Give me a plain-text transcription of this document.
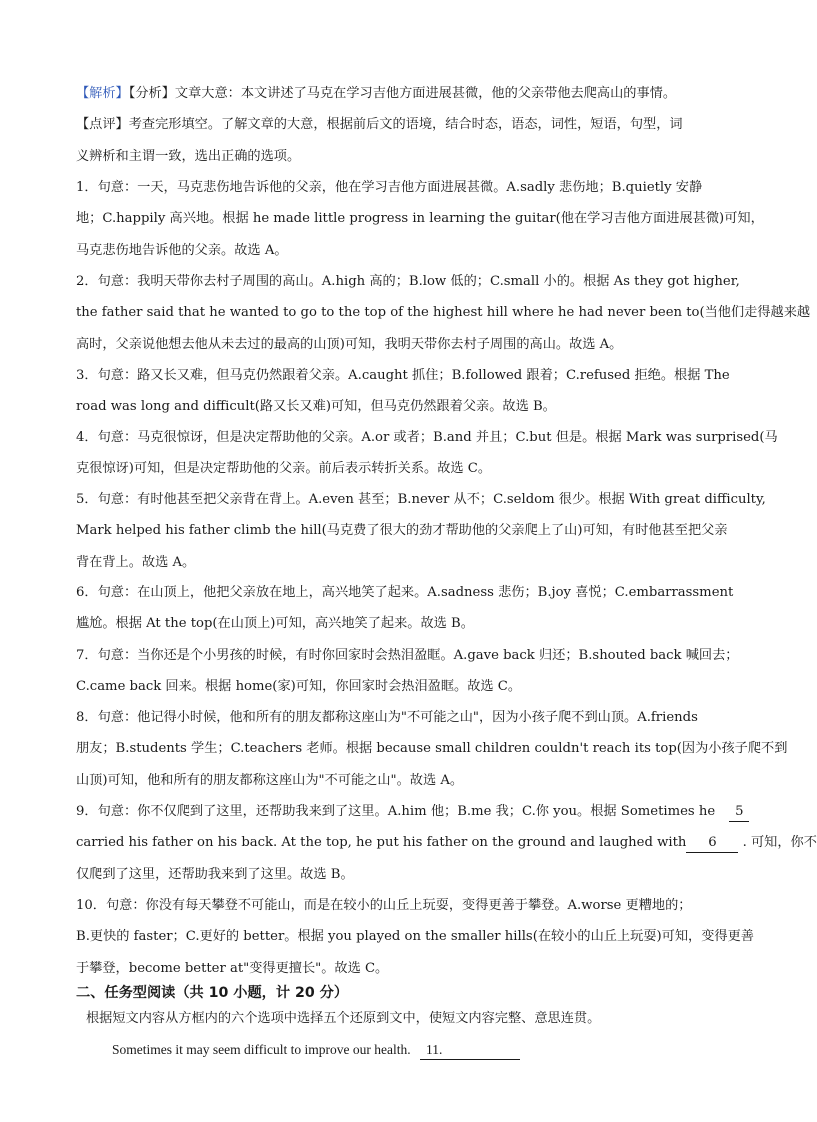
【解析】【分析】文章大意：本文讲述了马克在学习吉他方面进展甚微，他的父亲带他去爬高山的事情。
【点评】考查完形填空。了解文章的大意，根据前后文的语境，结合时态，语态，词性，短语，句型，词
义辨析和主谓一致，选出正确的选项。
1．句意：一天，马克悲伤地告诉他的父亲，他在学习吉他方面进展甚微。A.sadly 悲伤地；B.quietly 安静
地；C.happily 高兴地。根据 he made little progress in learning the guitar(他在学习吉他方面进展甚微)可知，
马克悲伤地告诉他的父亲。故选 A。
2．句意：我明天带你去村子周围的高山。A.high 高的；B.low 低的；C.small 小的。根据 As they got higher,
the father said that he wanted to go to the top of the highest hill where he had never been to(当他们走得越来越
高时，父亲说他想去他从未去过的最高的山顶)可知，我明天带你去村子周围的高山。故选 A。
3．句意：路又长又难，但马克仍然跟着父亲。A.caught 抓住；B.followed 跟着；C.refused 拒绝。根据 The
road was long and difficult(路又长又难)可知，但马克仍然跟着父亲。故选 B。
4．句意：马克很惊讶，但是决定帮助他的父亲。A.or 或者；B.and 并且；C.but 但是。根据 Mark was surprised(马
克很惊讶)可知，但是决定帮助他的父亲。前后表示转折关系。故选 C。
5．句意：有时他甚至把父亲背在背上。A.even 甚至；B.never 从不；C.seldom 很少。根据 With great difficulty,
Mark helped his father climb the hill(马克费了很大的劲才帮助他的父亲爬上了山)可知，有时他甚至把父亲
背在背上。故选 A。
6．句意：在山顶上，他把父亲放在地上，高兴地笑了起来。A.sadness 悲伤；B.joy 喜悦；C.embarrassment
尴尬。根据 At the top(在山顶上)可知，高兴地笑了起来。故选 B。
7．句意：当你还是个小男孩的时候，有时你回家时会热泪盈眶。A.gave back 归还；B.shouted back 喊回去；
C.came back 回来。根据 home(家)可知，你回家时会热泪盈眶。故选 C。
8．句意：他记得小时候，他和所有的朋友都称这座山为"不可能之山"，因为小孩子爬不到山顶。A.friends
朋友；B.students 学生；C.teachers 老师。根据 because small children couldn't reach its top(因为小孩子爬不到
山顶)可知，他和所有的朋友都称这座山为"不可能之山"。故选 A。
9．句意：你不仅爬到了这里，还帮助我来到了这里。A.him 他；B.me 我；C.你 you。根据 Sometimes he 5
carried his father on his back. At the top, he put his father on the ground and laughed with 6 . 可知，你不
仅爬到了这里，还帮助我来到了这里。故选 B。
10．句意：你没有每天攀登不可能山，而是在较小的山丘上玩耍，变得更善于攀登。A.worse 更糟地的；
B.更快的 faster；C.更好的 better。根据 you played on the smaller hills(在较小的山丘上玩耍)可知，变得更善
于攀登，become better at"变得更擅长"。故选 C。
二、任务型阅读（共 10 小题，计 20 分）
根据短文内容从方框内的六个选项中选择五个还原到文中，使短文内容完整、意思连贯。
Sometimes it may seem difficult to improve our health. 11.
